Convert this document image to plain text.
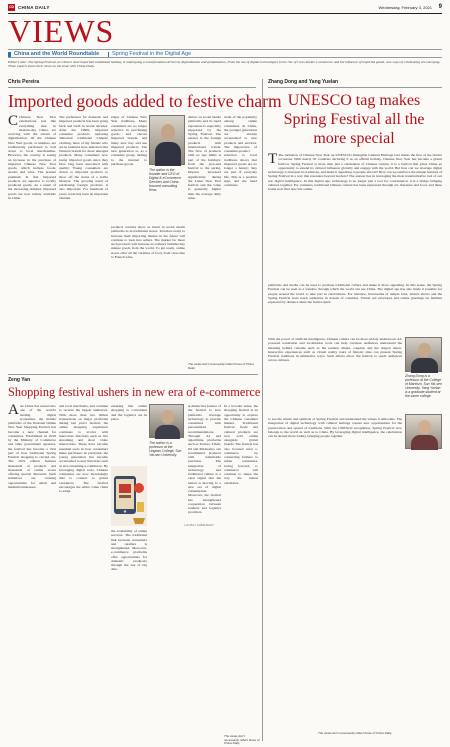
CD CHINA DAILY	Wednesday, February 3, 2021 9
VIEWS
China and the World Roundtable Spring Festival in the Digital Age
Editor's note: The Spring Festival, as China's most important traditional holiday, is undergoing a transformation driven by digitalization and globalization. From the use of digital technologies in the rise of cross-border e-commerce and the influence of imported goods, new ways of celebrating are emerging. Three experts share their views on the issue with China Daily.
Chris Pereira
Imported goods added to festive charm
C Chinese New Year celebrations, just like everything else in modern-day China, are evolving with the advent of digitalization. Of the Chinese New Year goods, or nianhuo, are traditionally purchased to boil down to local merchandise. However, the country is seeing an increase in the purchase of imported Chinese New Year goods, which include foods, snacks and wine. The present premium in that imported products are superior to locally produced goods. As a result of the increasing demand, imported goods are now widely available in China.
The preference for domestic and imported products has been going back and forth in recent decades. After the 1990s, imported consumer products replacing 'imitation' traditional Chinese clothing, most of my friends who are in business here indicated that Western brands for more emerged products. Many consumers now prefer imported goods since they have long been associated with quality. Young consumers are drawn to imported products to show off the status of a stable lifestyle. The growing trend of purchasing foreign products is also important. For hundreds of years, trade has been an important channel.
edges of Chinese New Year traditions. Many consumers are no longer selective in purchasing goods and choose imported brands, and many now buy and use imported products. The new generation is, as a consumer group, turning to the internet to purchase goods.
The author is the founder and CEO of Digital & eCommerce Services and China-focused consulting firms.
products actually show as much in social media platforms as in traditional stores. Travelers ready to increase their importing market in the future will continue to look into sellers. The market for more such products will increase as ordinary families buy unique goods from the world. To get ready, online stores offer all the varieties of food, from chocolate to French wine.
dation on social media platforms and its rapid expansion is especially supported by the Spring Festival. The answer is the foreign products with international trends. The flow of products with no age limits is part of the holidays: from the year-end festival to the spring. Imports increased significantly during the Lunar New Year festival and the value is generally higher than the average daily sales.
trend of the popularity among online consumers. In China, the younger generation are already accustomed to new products and services. The importance of consumer-product selection to local traditions shows that imported goods are no longer a luxury; they are part of everyday life. This is a positive sign, and the trend continues.
The views don't necessarily reflect those of China Daily.
Zeng Yan
Shopping festival ushers in new era of e-commerce
A As China has turned into one of the world's leading digital economies, the mobile platforms of the National Online New Year Shopping Festival has become a new channel for consumers. Established in 2019 by the Ministry of Commerce and other government agencies, the festival has become a vital part of how traditional Spring Festival shopping is carried out. The 2021 edition features thousands of products and thousands of online stores offering special discounts. Such initiatives are creating opportunities for small and medium businesses.
and local merchants, and continue to receive the largest audiences. With more than two billion transactions on major platforms during last year's festival, the online shopping experience continues to evolve with innovative functions such as live streaming and short video interactions. These have become essential tools in how consumers make purchases. In particular, the young generation has become accustomed to new functions such as live-streaming e-commerce. By leveraging digital tools, Chinese companies are now increasingly able to connect to global customers. The festival encourages the entire value chain to adapt.
ensuring that online shopping is convenient and the logistics are in place.
LIU RUI / CHINA DAILY
the availability of online services. The traditional link between consumers and retailers is strengthened. Moreover, e-commerce platforms offer opportunities for domestic producers through the use of big data.
The author is a professor at the Lingnan College, Sun Yat-sen University.
A distinctive feature of the festival is how platforms leverage technology to provide consumers with personalized recommendations. Through AI and algorithms, platforms such as Taobao, Tmall, JD and Pinduoduo can recommend products with remarkable precision. The integration of technology and traditional culture is a clear signal that the nation is moving to a new era of digital consumption. Moreover, the festival has strengthened cooperation between retailers and logistics providers.
In a broader sense, the shopping festival is an opportunity to explore the Chinese consumer market. Traditional festival foods and cultural products are now sold online alongside global brands. The festival has also boosted rural e-commerce by connecting farmers to urban consumers. Going forward, e-commerce will continue to shape the way the nation celebrates.
The views don't necessarily reflect those of China Daily.
Zhang Dong and Yang Yuelan
UNESCO tag makes Spring Festival all the more special
T The inclusion of Chinese New Year on UNESCO's Intangible Cultural Heritage List marks the first of the festive occasions. With nearly 50 countries declaring it as an official holiday, Chinese New Year has become a global festival. Spring Festival is more than just a celebration of Chinese culture; it is a festival that gives China an opportunity to extend its cultural influence globally and engage with the world. But how can we leverage digital technology to interpret its traditions, and make it appealing to people abroad? How can we reinforce the unique features of Spring Festival in a way that resonates beyond borders? The answer lies in leveraging the most transformative tool of our era: digital intelligence. In this digital age, technology is no longer just a tool for convenience; it is a bridge bringing cultures together. For centuries, traditional Chinese culture has been expressed through art, literature and food, and these forms now find new life online.
platforms and media can be used to promote traditional culture and make it more appealing. In this sense, the Spring Festival can be seen as a window through which the world can see China. The digital age has also made it possible for people around the world to take part in celebrations. For instance, livestreams of temple fairs, lantern shows and the Spring Festival Gala reach audiences in dozens of countries. Virtual red envelopes and online greetings let families separated by distance share the festive spirit.
With the power of artificial intelligence, Chinese culture can be more widely understood. AI-powered translation and localization tools can help overseas audiences understand the meaning behind customs such as the reunion dinner, couplets and the dragon dance. Interactive experiences such as virtual reality tours of historic sites can present Spring Festival traditions in immersive ways. Such efforts allow the festival to reach audiences across cultures.
Zhang Dong is a professor at the College of Marxism, Sun Yat-sen University. Yang Yuelan is a graduate student at the same college.
to see the rituals and symbols of Spring Festival and understand the values it embodies. The integration of digital technology with cultural heritage creates new opportunities for the preservation and spread of traditions. With the UNESCO recognition, Spring Festival now belongs to the world as well as to China. By leveraging digital intelligence, the celebration can be shared more widely, bringing people together.
The views don't necessarily reflect those of China Daily.
